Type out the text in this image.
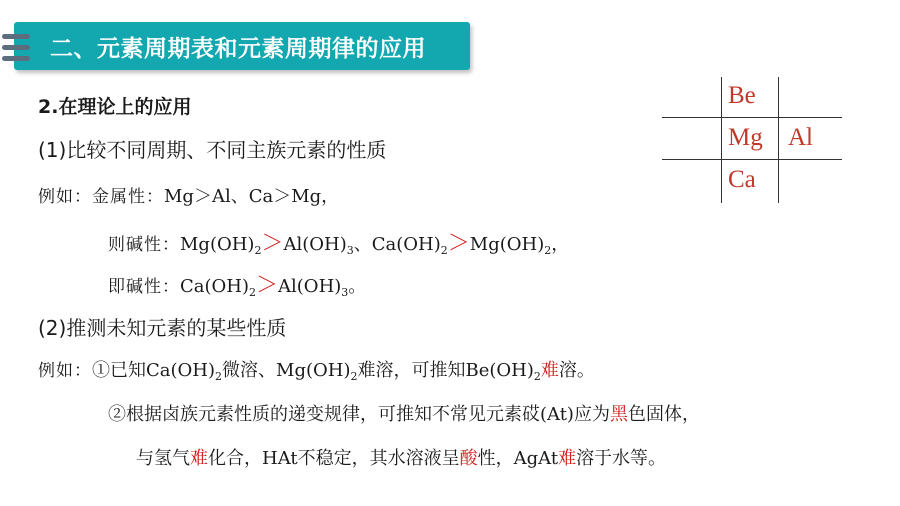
二、元素周期表和元素周期律的应用
2.在理论上的应用
(1)比较不同周期、不同主族元素的性质
例如：金属性：Mg＞Al、Ca＞Mg，
则碱性：$Mg(OH)_2>Al(OH)_3$、$Ca(OH)_2>Mg(OH)_2$，
即碱性：$Ca(OH)_2>Al(OH)_3$。
(2)推测未知元素的某些性质
例如：①已知$Ca(OH)_2$微溶、$Mg(OH)_2$难溶，可推知$Be(OH)_2$难溶。
②根据卤族元素性质的递变规律，可推知不常见元素砹(At)应为黑色固体，
与氢气难化合，HAt不稳定，其水溶液呈酸性，AgAt难溶于水等。
Be
Mg Al
Ca
